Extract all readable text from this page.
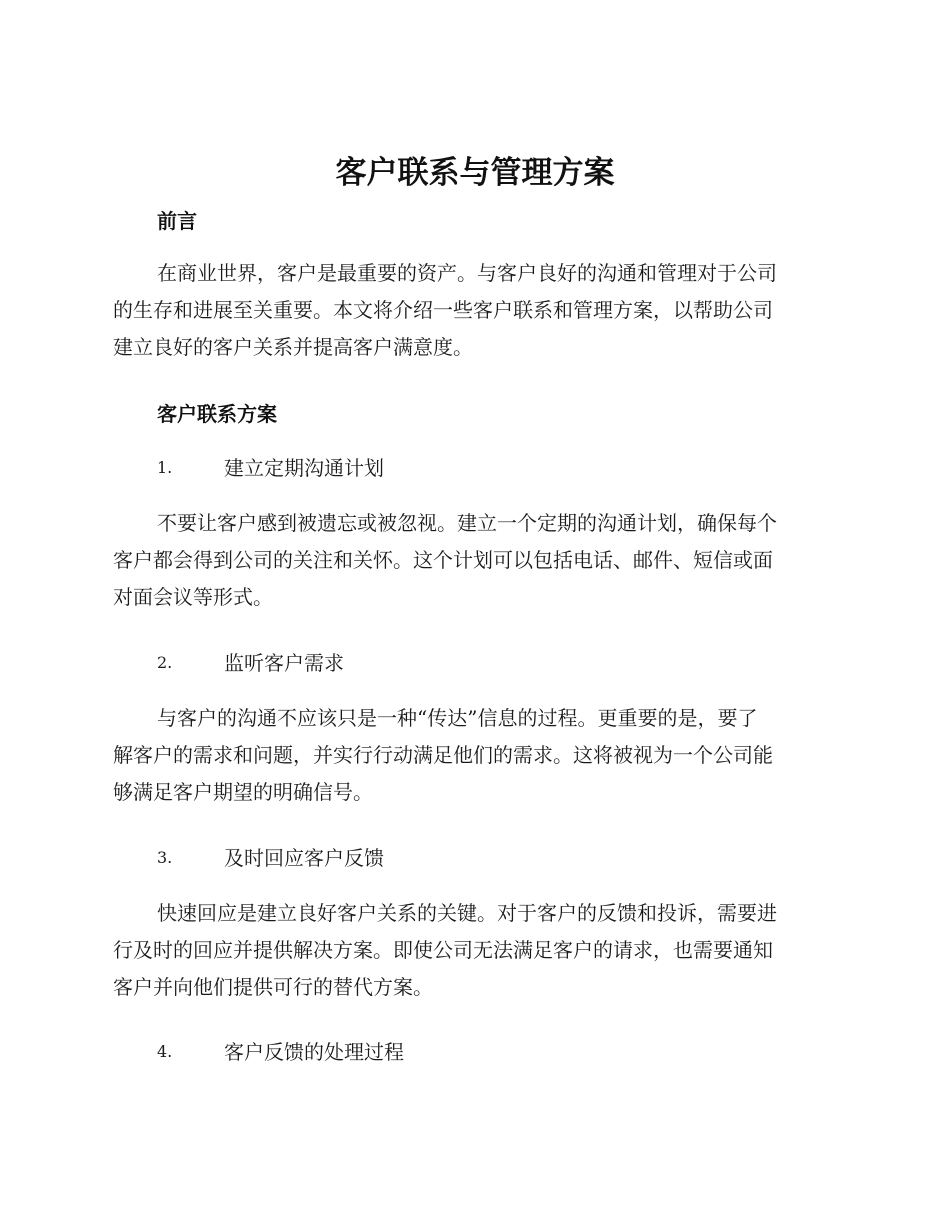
客户联系与管理方案
前言
在商业世界，客户是最重要的资产。与客户良好的沟通和管理对于公司
的生存和进展至关重要。本文将介绍一些客户联系和管理方案，以帮助公司
建立良好的客户关系并提高客户满意度。
客户联系方案
1.	建立定期沟通计划
不要让客户感到被遗忘或被忽视。建立一个定期的沟通计划，确保每个
客户都会得到公司的关注和关怀。这个计划可以包括电话、邮件、短信或面
对面会议等形式。
2.	监听客户需求
与客户的沟通不应该只是一种“传达”信息的过程。更重要的是，要了
解客户的需求和问题，并实行行动满足他们的需求。这将被视为一个公司能
够满足客户期望的明确信号。
3.	及时回应客户反馈
快速回应是建立良好客户关系的关键。对于客户的反馈和投诉，需要进
行及时的回应并提供解决方案。即使公司无法满足客户的请求，也需要通知
客户并向他们提供可行的替代方案。
4.	客户反馈的处理过程
